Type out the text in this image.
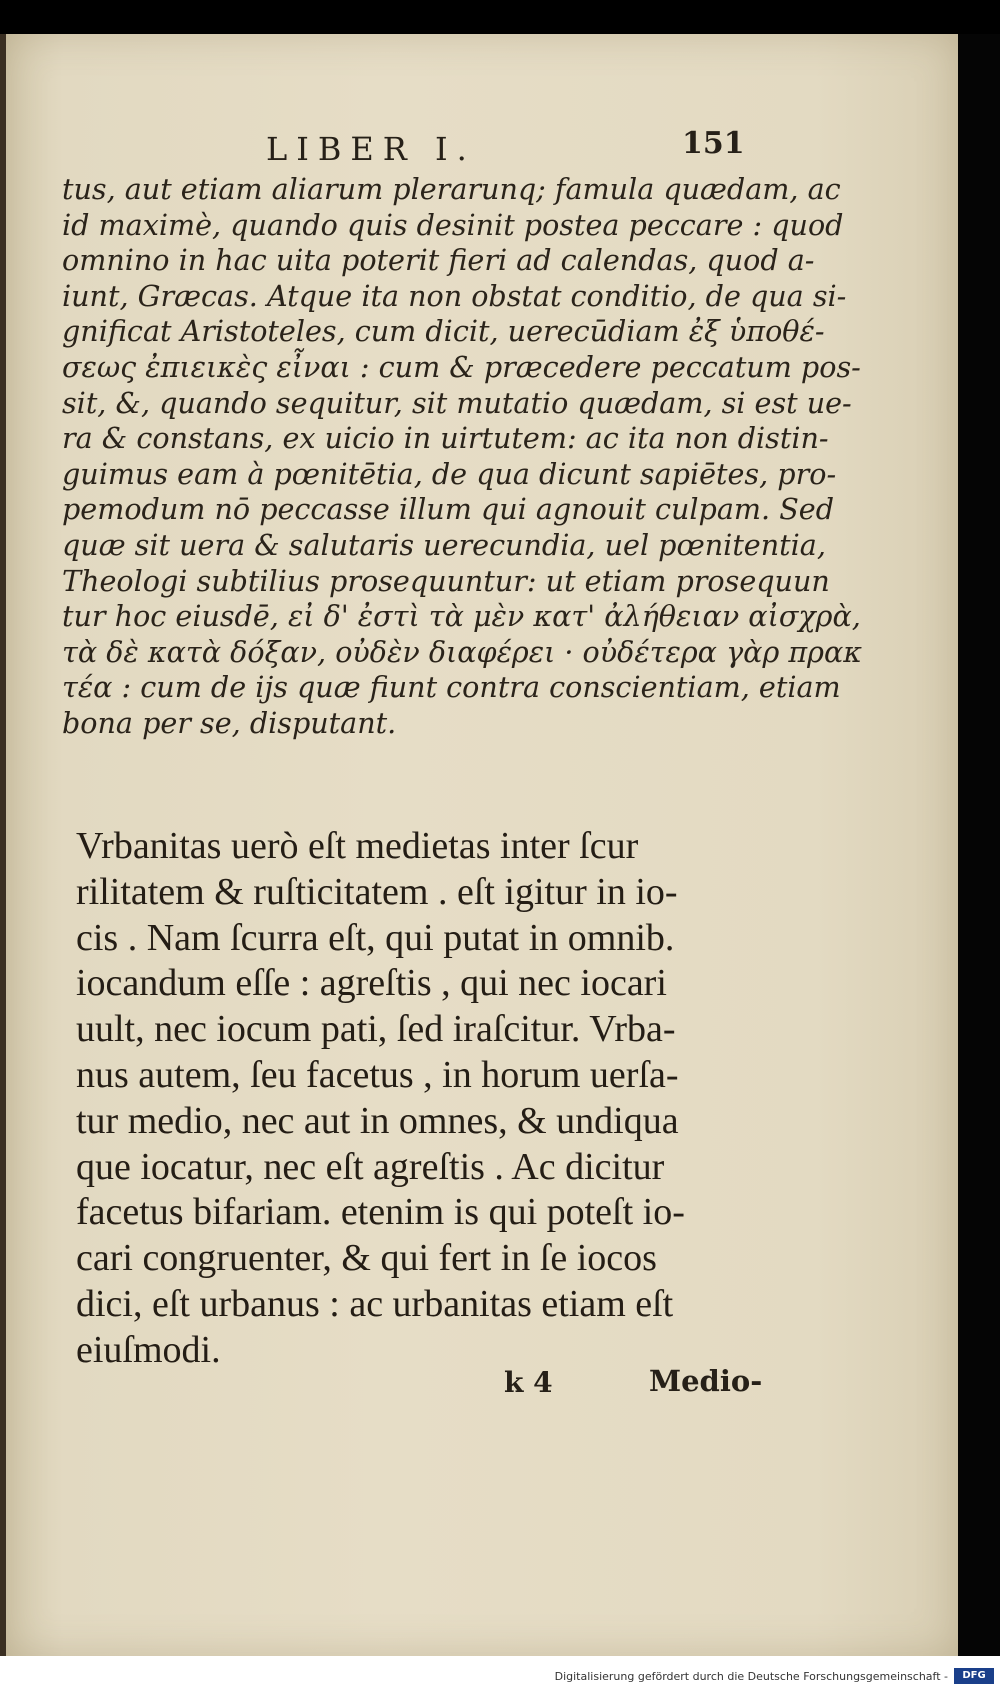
LIBER I.	151
tus, aut etiam aliarum plerarunq; famula quædam, ac
id maximè, quando quis desinit postea peccare : quod
omnino in hac uita poterit fieri ad calendas, quod a-
iunt, Græcas. Atque ita non obstat conditio, de qua si-
gnificat Aristoteles, cum dicit, uerecūdiam ἐξ ὑποθέ-
σεως ἐπιεικὲς εἶναι : cum & præcedere peccatum pos-
sit, &, quando sequitur, sit mutatio quædam, si est ue-
ra & constans, ex uicio in uirtutem: ac ita non distin-
guimus eam à pœnitētia, de qua dicunt sapiētes, pro-
pemodum nō peccasse illum qui agnouit culpam. Sed
quæ sit uera & salutaris uerecundia, uel pœnitentia,
Theologi subtilius prosequuntur: ut etiam prosequun
tur hoc eiusdē, εἰ δ' ἐστὶ τὰ μὲν κατ' ἀλήθειαν αἰσχρὰ,
τὰ δὲ κατὰ δόξαν, οὐδὲν διαφέρει · οὐδέτερα γὰρ πρακ
τέα : cum de ijs quæ fiunt contra conscientiam, etiam
bona per se, disputant.
Vrbanitas uerò eſt medietas inter ſcur
rilitatem & ruſticitatem . eſt igitur in io-
cis . Nam ſcurra eſt, qui putat in omnib.
iocandum eſſe : agreſtis , qui nec iocari
uult, nec iocum pati, ſed iraſcitur. Vrba-
nus autem, ſeu facetus , in horum uerſa-
tur medio, nec aut in omnes, & undiqua
que iocatur, nec eſt agreſtis . Ac dicitur
facetus bifariam. etenim is qui poteſt io-
cari congruenter, & qui fert in ſe iocos
dici, eſt urbanus : ac urbanitas etiam eſt
eiuſmodi.
k 4	Medio-
Digitalisierung gefördert durch die Deutsche Forschungsgemeinschaft -	DFG
